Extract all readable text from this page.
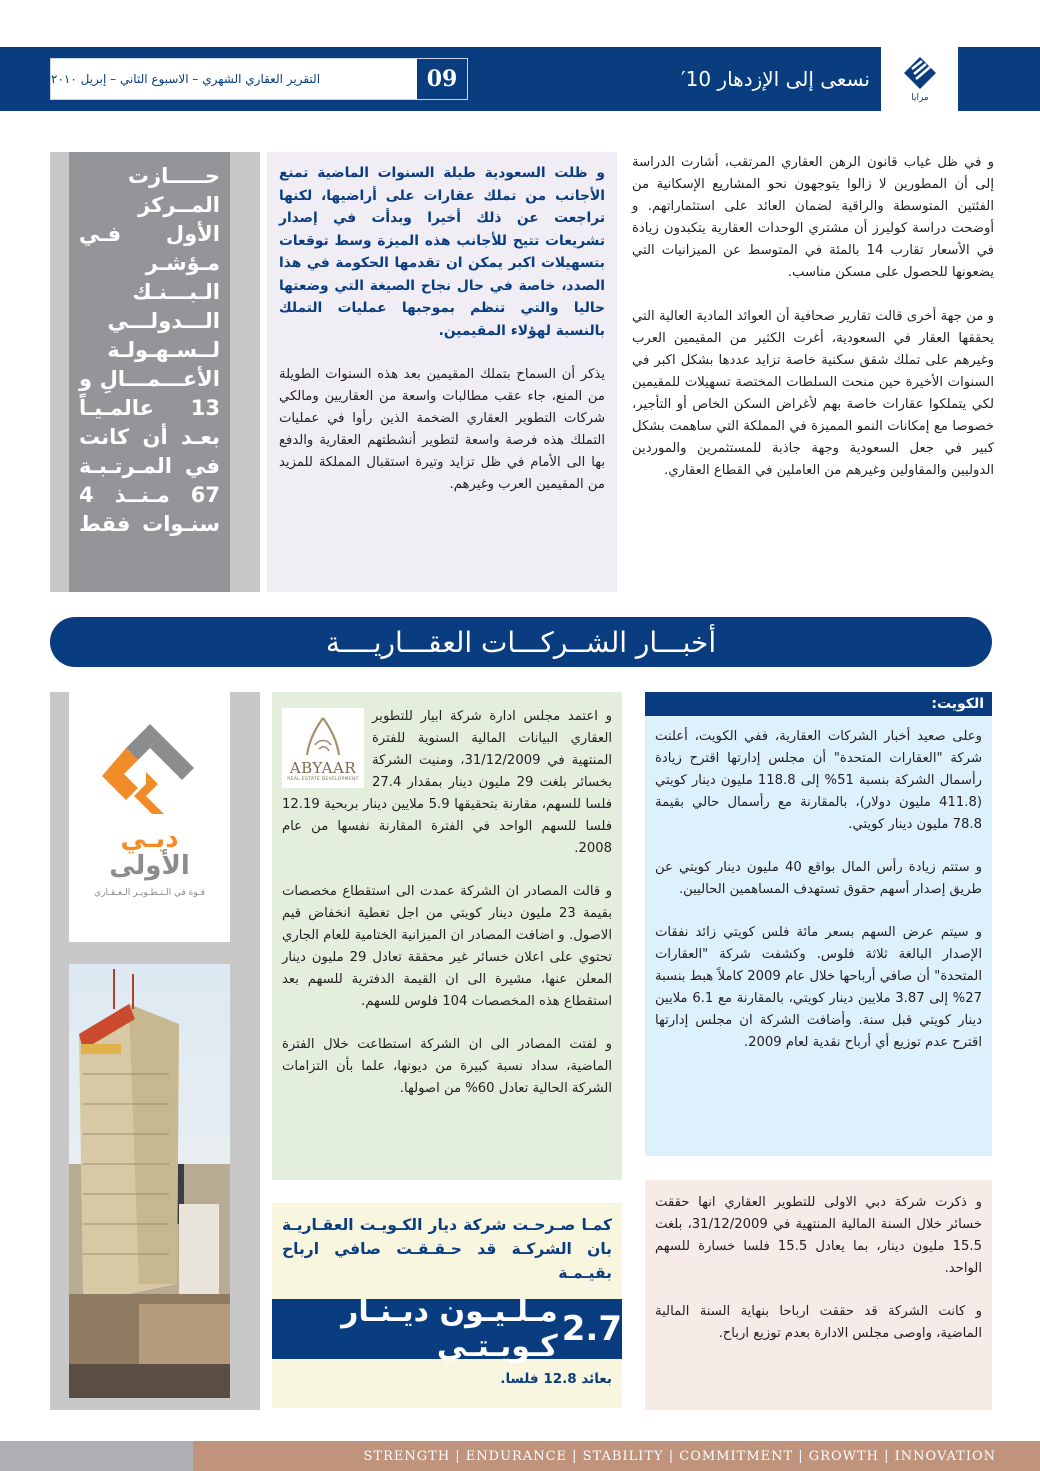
التقرير العقاري الشهري – الاسبوع الثاني – إبريل ٢٠١٠	09	نسعى إلى الإزدهار 10′
مرايا

و في ظل غياب قانون الرهن العقاري المرتقب، أشارت الدراسة إلى أن المطورين لا زالوا يتوجهون نحو المشاريع الإسكانية من الفئتين المتوسطة والراقية لضمان العائد على استثماراتهم. و أوضحت دراسة كوليرز أن مشتري الوحدات العقارية يتكبدون زيادة في الأسعار تقارب 14 بالمئة في المتوسط عن الميزانيات التي يضعونها للحصول على مسكن مناسب.

و من جهة أخرى قالت تقارير صحافية أن العوائد المادية العالية التي يحققها العقار في السعودية، أغرت الكثير من المقيمين العرب وغيرهم على تملك شقق سكنية خاصة تزايد عددها بشكل اكبر في السنوات الأخيرة حين منحت السلطات المختصة تسهيلات للمقيمين لكي يتملكوا عقارات خاصة بهم لأغراض السكن الخاص أو التأجير، خصوصا مع إمكانات النمو المميزة في المملكة التي ساهمت بشكل كبير في جعل السعودية وجهة جاذبة للمستثمرين والموردين الدوليين والمقاولين وغيرهم من العاملين في القطاع العقاري.

و ظلت السعودية طيلة السنوات الماضية تمنع الأجانب من تملك عقارات على أراضيها، لكنها تراجعت عن ذلك أخيرا وبدأت في إصدار تشريعات تتيح للأجانب هذه الميزة وسط توقعات بتسهيلات اكبر يمكن ان تقدمها الحكومة في هذا الصدد، خاصة في حال نجاح الصيغة التي وضعتها حاليا والتي تنظم بموجبها عمليات التملك بالنسبة لهؤلاء المقيمين.

يذكر أن السماح بتملك المقيمين بعد هذه السنوات الطويلة من المنع، جاء عقب مطالبات واسعة من العقاريين ومالكي شركات التطوير العقاري الضخمة الذين رأوا في عمليات التملك هذه فرصة واسعة لتطوير أنشطتهم العقارية والدفع بها الى الأمام في ظل تزايد وتيرة استقبال المملكة للمزيد من المقيمين العرب وغيرهم.

حـــــازت المــركز الأول فـي مـؤشـر الـبـــنـك الـــدولـــي لــسـهـولـة الأعـــمـــالِ و 13 عالمـيـاً بعـد أن كانت في المـرتـبـة 67 مـنــذ 4 سنـوات فقط

أخبـــار الشــركـــات العقـــاريــــة
الكويت:

وعلى صعيد أخبار الشركات العقارية، ففي الكويت، أعلنت شركة "العقارات المتحدة" أن مجلس إدارتها اقترح زيادة رأسمال الشركة بنسبة 51% إلى 118.8 مليون دينار كويتي (411.8 مليون دولار)، بالمقارنة مع رأسمال حالي بقيمة 78.8 مليون دينار كويتي.

و ستتم زيادة رأس المال بواقع 40 مليون دينار كويتي عن طريق إصدار أسهم حقوق تستهدف المساهمين الحاليين.

و سيتم عرض السهم بسعر مائة فلس كويتي زائد نفقات الإصدار البالغة ثلاثة فلوس. وكشفت شركة "العقارات المتحدة" أن صافي أرباحها خلال عام 2009 كاملاً هبط بنسبة 27% إلى 3.87 ملايين دينار كويتي، بالمقارنة مع 6.1 ملايين دينار كويتي قبل سنة. وأضافت الشركة ان مجلس إدارتها اقترح عدم توزيع أي أرباح نقدية لعام 2009.

و ذكرت شركة دبي الاولى للتطوير العقاري انها حققت خسائر خلال السنة المالية المنتهية في 31/12/2009، بلغت 15.5 مليون دينار، بما يعادل 15.5 فلسا خسارة للسهم الواحد.

و كانت الشركة قد حققت ارباحا بنهاية السنة المالية الماضية، واوصى مجلس الادارة بعدم توزيع ارباح.

ABYAAR
REAL ESTATE DEVELOPMENT

و اعتمد مجلس ادارة شركة ابيار للتطوير العقاري البيانات المالية السنوية للفترة المنتهية في 31/12/2009، ومنيت الشركة بخسائر بلغت 29 مليون دينار بمقدار 27.4 فلسا للسهم، مقارنة بتحقيقها 5.9 ملايين دينار بربحية 12.19 فلسا للسهم الواحد في الفترة المقارنة نفسها من عام 2008.

و قالت المصادر ان الشركة عمدت الى استقطاع مخصصات بقيمة 23 مليون دينار كويتي من اجل تغطية انخفاض قيم الاصول. و اضافت المصادر ان الميزانية الختامية للعام الجاري تحتوي على اعلان خسائر غير محققة تعادل 29 مليون دينار المعلن عنها، مشيرة الى ان القيمة الدفترية للسهم بعد استقطاع هذه المخصصات 104 فلوس للسهم.

و لفتت المصادر الى ان الشركة استطاعت خلال الفترة الماضية، سداد نسبة كبيرة من ديونها، علما بأن التزامات الشركة الحالية تعادل 60% من اصولها.

كمـا صـرحـت شركة ديار الكـويـت العقـاريـة بان الشركـة قد حـقـقـت صافي ارباح بقيـمـة

2.7
مـلـيـون ديـنـار كـويـتـي

بعائد 12.8 فلسا.

دبـي
الأولى
قـوة في الـتـطـويـر الـعـقـاري
STRENGTH | ENDURANCE | STABILITY | COMMITMENT | GROWTH | INNOVATION
